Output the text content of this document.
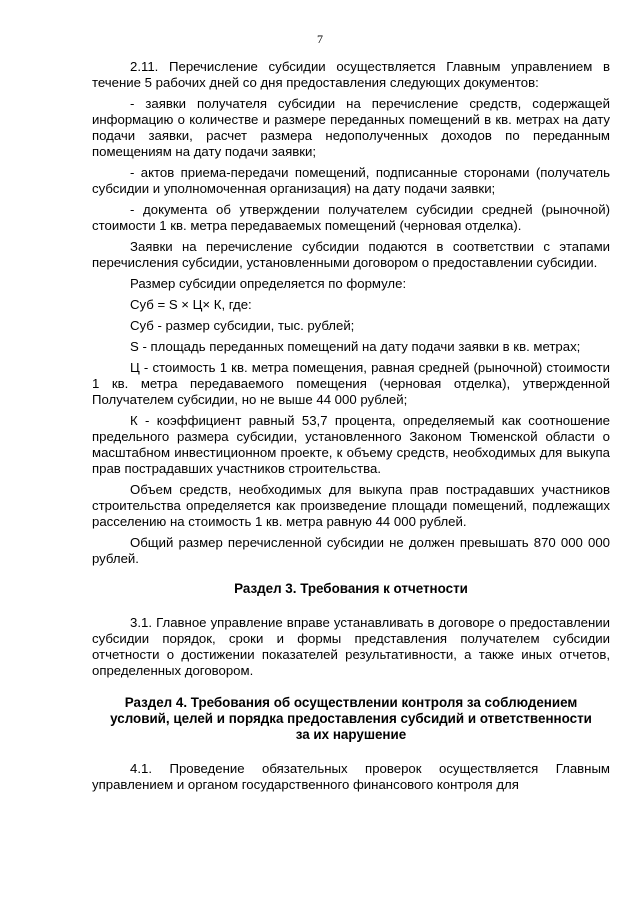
7

2.11. Перечисление субсидии осуществляется Главным управлением в течение 5 рабочих дней со дня предоставления следующих документов:

- заявки получателя субсидии на перечисление средств, содержащей информацию о количестве и размере переданных помещений в кв. метрах на дату подачи заявки, расчет размера недополученных доходов по переданным помещениям на дату подачи заявки;

- актов приема-передачи помещений, подписанные сторонами (получатель субсидии и уполномоченная организация) на дату подачи заявки;

- документа об утверждении получателем субсидии средней (рыночной) стоимости 1 кв. метра передаваемых помещений (черновая отделка).

Заявки на перечисление субсидии подаются в соответствии с этапами перечисления субсидии, установленными договором о предоставлении субсидии.

Размер субсидии определяется по формуле:

Суб = S × Ц× К, где:

Суб - размер субсидии, тыс. рублей;

S - площадь переданных помещений на дату подачи заявки в кв. метрах;

Ц - стоимость 1 кв. метра помещения, равная средней (рыночной) стоимости 1 кв. метра передаваемого помещения (черновая отделка), утвержденной Получателем субсидии, но не выше 44 000 рублей;

К - коэффициент равный 53,7 процента, определяемый как соотношение предельного размера субсидии, установленного Законом Тюменской области о масштабном инвестиционном проекте, к объему средств, необходимых для выкупа прав пострадавших участников строительства.

Объем средств, необходимых для выкупа прав пострадавших участников строительства определяется как произведение площади помещений, подлежащих расселению на стоимость 1 кв. метра равную 44 000 рублей.

Общий размер перечисленной субсидии не должен превышать 870 000 000 рублей.

Раздел 3. Требования к отчетности

3.1. Главное управление вправе устанавливать в договоре о предоставлении субсидии порядок, сроки и формы представления получателем субсидии отчетности о достижении показателей результативности, а также иных отчетов, определенных договором.

Раздел 4. Требования об осуществлении контроля за соблюдением
условий, целей и порядка предоставления субсидий и ответственности
за их нарушение

4.1. Проведение обязательных проверок осуществляется Главным управлением и органом государственного финансового контроля для
